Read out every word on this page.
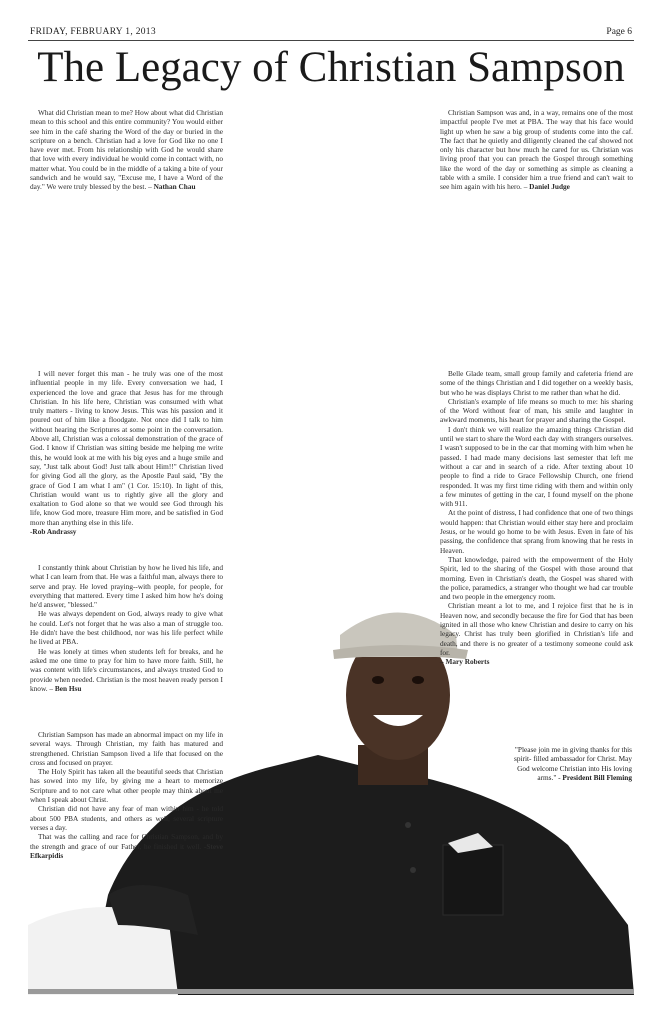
FRIDAY, FEBRUARY 1, 2013	Page 6
The Legacy of Christian Sampson

What did Christian mean to me? How about what did Christian mean to this school and this entire community? You would either see him in the café sharing the Word of the day or buried in the scripture on a bench. Christian had a love for God like no one I have ever met. From his relationship with God he would share that love with every individual he would come in contact with, no matter what. You could be in the middle of a taking a bite of your sandwich and he would say, "Excuse me, I have a Word of the day." We were truly blessed by the best. – Nathan Chau

Christian Sampson was and, in a way, remains one of the most impactful people I've met at PBA. The way that his face would light up when he saw a big group of students come into the caf. The fact that he quietly and diligently cleaned the caf showed not only his character but how much he cared for us. Christian was living proof that you can preach the Gospel through something like the word of the day or something as simple as cleaning a table with a smile. I consider him a true friend and can't wait to see him again with his hero. – Daniel Judge

I will never forget this man - he truly was one of the most influential people in my life. Every conversation we had, I experienced the love and grace that Jesus has for me through Christian. In his life here, Christian was consumed with what truly matters - living to know Jesus. This was his passion and it poured out of him like a floodgate. Not once did I talk to him without hearing the Scriptures at some point in the conversation. Above all, Christian was a colossal demonstration of the grace of God. I know if Christian was sitting beside me helping me write this, he would look at me with his big eyes and a huge smile and say, "Just talk about God! Just talk about Him!!" Christian lived for giving God all the glory, as the Apostle Paul said, "By the grace of God I am what I am" (1 Cor. 15:10). In light of this, Christian would want us to rightly give all the glory and exaltation to God alone so that we would see God through his life, know God more, treasure Him more, and be satisfied in God more than anything else in this life.

-Rob Andrassy

I constantly think about Christian by how he lived his life, and what I can learn from that. He was a faithful man, always there to serve and pray. He loved praying--with people, for people, for everything that mattered. Every time I asked him how he's doing he'd answer, "blessed."

He was always dependent on God, always ready to give what he could. Let's not forget that he was also a man of struggle too. He didn't have the best childhood, nor was his life perfect while he lived at PBA.

He was lonely at times when students left for breaks, and he asked me one time to pray for him to have more faith. Still, he was content with life's circumstances, and always trusted God to provide when needed. Christian is the most heaven ready person I know. – Ben Hsu

Christian Sampson has made an abnormal impact on my life in several ways. Through Christian, my faith has matured and strengthened. Christian Sampson lived a life that focused on the cross and focused on prayer.

The Holy Spirit has taken all the beautiful seeds that Christian has sowed into my life, by giving me a heart to memorize Scripture and to not care what other people may think about me when I speak about Christ.

Christian did not have any fear of man within him - he told about 500 PBA students, and others as well, several scripture verses a day.

That was the calling and race for Christian Sampson, and by the strength and grace of our Father, he finished it well. -Steve Efkarpidis

Belle Glade team, small group family and cafeteria friend are some of the things Christian and I did together on a weekly basis, but who he was displays Christ to me rather than what he did.

Christian's example of life means so much to me: his sharing of the Word without fear of man, his smile and laughter in awkward moments, his heart for prayer and sharing the Gospel.

I don't think we will realize the amazing things Christian did until we start to share the Word each day with strangers ourselves. I wasn't supposed to be in the car that morning with him when he passed. I had made many decisions last semester that left me without a car and in search of a ride. After texting about 10 people to find a ride to Grace Fellowship Church, one friend responded. It was my first time riding with them and within only a few minutes of getting in the car, I found myself on the phone with 911.

At the point of distress, I had confidence that one of two things would happen: that Christian would either stay here and proclaim Jesus, or he would go home to be with Jesus. Even in fate of his passing, the confidence that sprang from knowing that he rests in Heaven.

That knowledge, paired with the empowerment of the Holy Spirit, led to the sharing of the Gospel with those around that morning. Even in Christian's death, the Gospel was shared with the police, paramedics, a stranger who thought we had car trouble and two people in the emergency room.

Christian meant a lot to me, and I rejoice first that he is in Heaven now, and secondly because the fire for God that has been ignited in all those who knew Christian and desire to carry on his legacy. Christ has truly been glorified in Christian's life and death, and there is no greater of a testimony someone could ask for.

– Mary Roberts
"Please join me in giving thanks for this spirit- filled ambassador for Christ. May God welcome Christian into His loving arms." - President Bill Fleming
